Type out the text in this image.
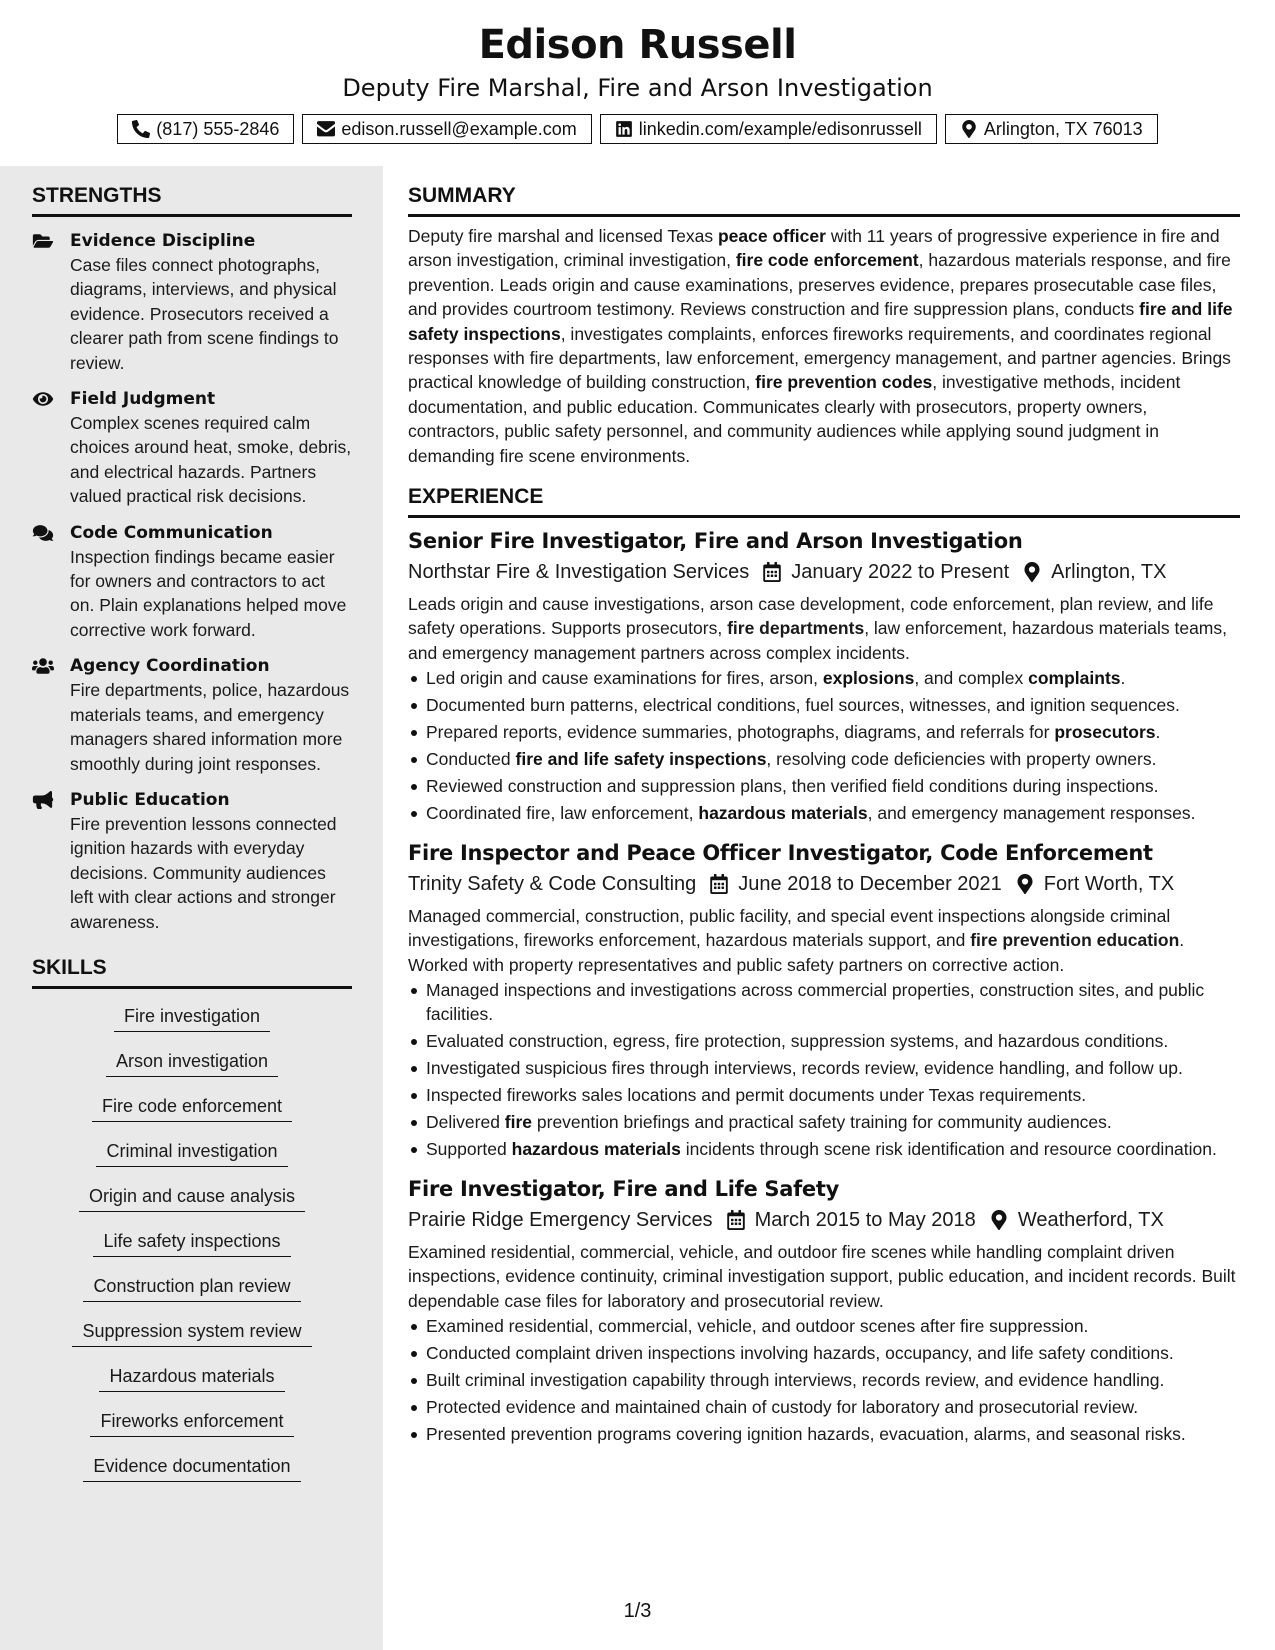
Edison Russell
Deputy Fire Marshal, Fire and Arson Investigation
(817) 555-2846	edison.russell@example.com	linkedin.com/example/edisonrussell	Arlington, TX 76013
STRENGTHS
Evidence Discipline
Case files connect photographs, diagrams, interviews, and physical evidence. Prosecutors received a clearer path from scene findings to review.
Field Judgment
Complex scenes required calm choices around heat, smoke, debris, and electrical hazards. Partners valued practical risk decisions.
Code Communication
Inspection findings became easier for owners and contractors to act on. Plain explanations helped move corrective work forward.
Agency Coordination
Fire departments, police, hazardous materials teams, and emergency managers shared information more smoothly during joint responses.
Public Education
Fire prevention lessons connected ignition hazards with everyday decisions. Community audiences left with clear actions and stronger awareness.
SKILLS
Fire investigation
Arson investigation
Fire code enforcement
Criminal investigation
Origin and cause analysis
Life safety inspections
Construction plan review
Suppression system review
Hazardous materials
Fireworks enforcement
Evidence documentation
SUMMARY
Deputy fire marshal and licensed Texas peace officer with 11 years of progressive experience in fire and arson investigation, criminal investigation, fire code enforcement, hazardous materials response, and fire prevention. Leads origin and cause examinations, preserves evidence, prepares prosecutable case files, and provides courtroom testimony. Reviews construction and fire suppression plans, conducts fire and life safety inspections, investigates complaints, enforces fireworks requirements, and coordinates regional responses with fire departments, law enforcement, emergency management, and partner agencies. Brings practical knowledge of building construction, fire prevention codes, investigative methods, incident documentation, and public education. Communicates clearly with prosecutors, property owners, contractors, public safety personnel, and community audiences while applying sound judgment in demanding fire scene environments.
EXPERIENCE
Senior Fire Investigator, Fire and Arson Investigation
Northstar Fire & Investigation Services January 2022 to Present Arlington, TX
Leads origin and cause investigations, arson case development, code enforcement, plan review, and life safety operations. Supports prosecutors, fire departments, law enforcement, hazardous materials teams, and emergency management partners across complex incidents.
Led origin and cause examinations for fires, arson, explosions, and complex complaints.
Documented burn patterns, electrical conditions, fuel sources, witnesses, and ignition sequences.
Prepared reports, evidence summaries, photographs, diagrams, and referrals for prosecutors.
Conducted fire and life safety inspections, resolving code deficiencies with property owners.
Reviewed construction and suppression plans, then verified field conditions during inspections.
Coordinated fire, law enforcement, hazardous materials, and emergency management responses.
Fire Inspector and Peace Officer Investigator, Code Enforcement
Trinity Safety & Code Consulting June 2018 to December 2021 Fort Worth, TX
Managed commercial, construction, public facility, and special event inspections alongside criminal investigations, fireworks enforcement, hazardous materials support, and fire prevention education. Worked with property representatives and public safety partners on corrective action.
Managed inspections and investigations across commercial properties, construction sites, and public facilities.
Evaluated construction, egress, fire protection, suppression systems, and hazardous conditions.
Investigated suspicious fires through interviews, records review, evidence handling, and follow up.
Inspected fireworks sales locations and permit documents under Texas requirements.
Delivered fire prevention briefings and practical safety training for community audiences.
Supported hazardous materials incidents through scene risk identification and resource coordination.
Fire Investigator, Fire and Life Safety
Prairie Ridge Emergency Services March 2015 to May 2018 Weatherford, TX
Examined residential, commercial, vehicle, and outdoor fire scenes while handling complaint driven inspections, evidence continuity, criminal investigation support, public education, and incident records. Built dependable case files for laboratory and prosecutorial review.
Examined residential, commercial, vehicle, and outdoor scenes after fire suppression.
Conducted complaint driven inspections involving hazards, occupancy, and life safety conditions.
Built criminal investigation capability through interviews, records review, and evidence handling.
Protected evidence and maintained chain of custody for laboratory and prosecutorial review.
Presented prevention programs covering ignition hazards, evacuation, alarms, and seasonal risks.
1/3
